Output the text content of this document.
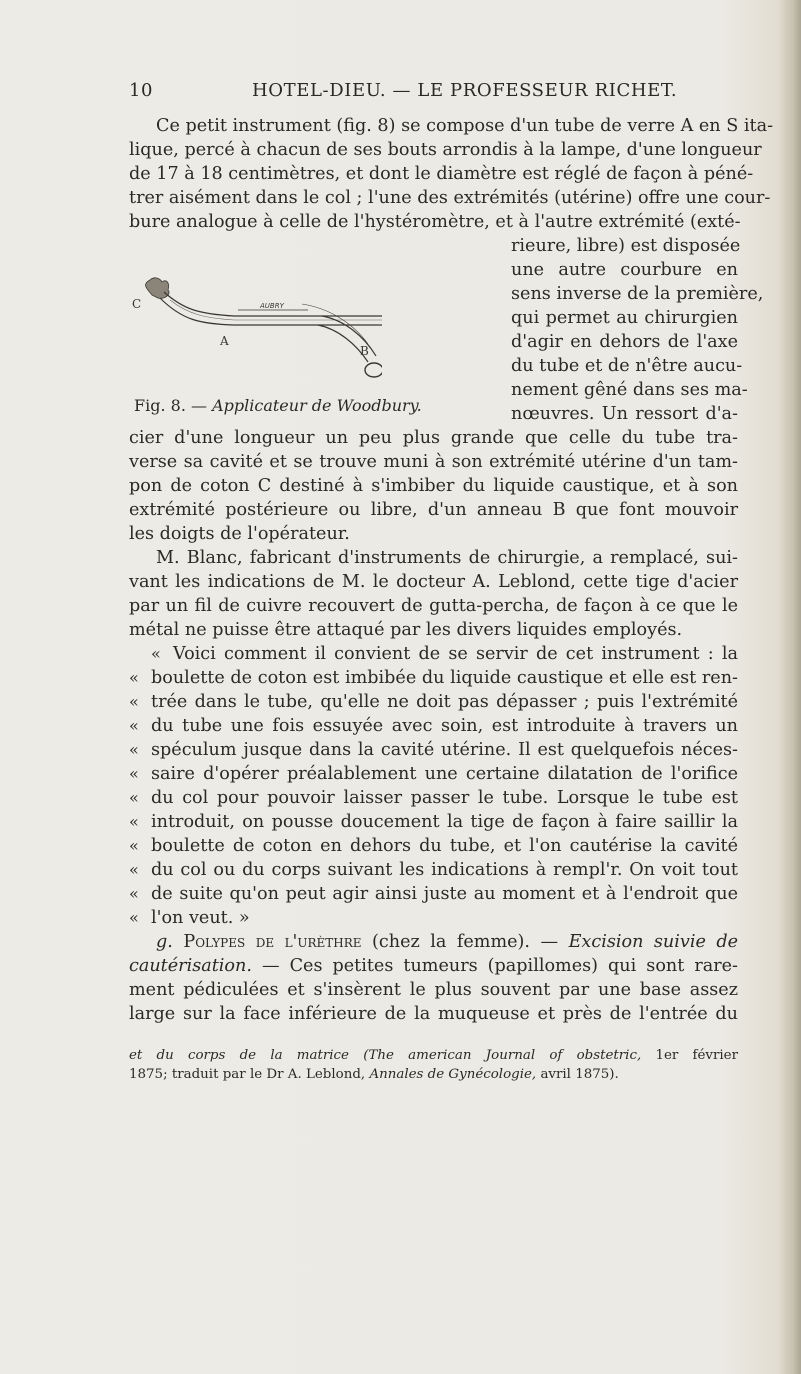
10	HOTEL-DIEU. — LE PROFESSEUR RICHET.
Ce petit instrument (fig. 8) se compose d'un tube de verre A en S ita-
lique, percé à chacun de ses bouts arrondis à la lampe, d'une longueur
de 17 à 18 centimètres, et dont le diamètre est réglé de façon à péné-
trer aisément dans le col ; l'une des extrémités (utérine) offre une cour-
bure analogue à celle de l'hystéromètre, et à l'autre extrémité (exté-
rieure, libre) est disposée
une autre courbure en
sens inverse de la première,
qui permet au chirurgien
d'agir en dehors de l'axe
du tube et de n'être aucu-
nement gêné dans ses ma-
nœuvres. Un ressort d'a-
AUBRY
C
A
B
Fig. 8. — Applicateur de Woodbury.
cier d'une longueur un peu plus grande que celle du tube tra-
verse sa cavité et se trouve muni à son extrémité utérine d'un tam-
pon de coton C destiné à s'imbiber du liquide caustique, et à son
extrémité postérieure ou libre, d'un anneau B que font mouvoir
les doigts de l'opérateur.
M. Blanc, fabricant d'instruments de chirurgie, a remplacé, sui-
vant les indications de M. le docteur A. Leblond, cette tige d'acier
par un fil de cuivre recouvert de gutta-percha, de façon à ce que le
métal ne puisse être attaqué par les divers liquides employés.
« Voici comment il convient de se servir de cet instrument : la
« boulette de coton est imbibée du liquide caustique et elle est ren-
« trée dans le tube, qu'elle ne doit pas dépasser ; puis l'extrémité
« du tube une fois essuyée avec soin, est introduite à travers un
« spéculum jusque dans la cavité utérine. Il est quelquefois néces-
« saire d'opérer préalablement une certaine dilatation de l'orifice
« du col pour pouvoir laisser passer le tube. Lorsque le tube est
« introduit, on pousse doucement la tige de façon à faire saillir la
« boulette de coton en dehors du tube, et l'on cautérise la cavité
« du col ou du corps suivant les indications à rempl'r. On voit tout
« de suite qu'on peut agir ainsi juste au moment et à l'endroit que
« l'on veut. »
g. Polypes de l'urèthre (chez la femme). — Excision suivie de
cautérisation. — Ces petites tumeurs (papillomes) qui sont rare-
ment pédiculées et s'insèrent le plus souvent par une base assez
large sur la face inférieure de la muqueuse et près de l'entrée du
et du corps de la matrice (The american Journal of obstetric, 1er février
1875; traduit par le Dr A. Leblond, Annales de Gynécologie, avril 1875).
